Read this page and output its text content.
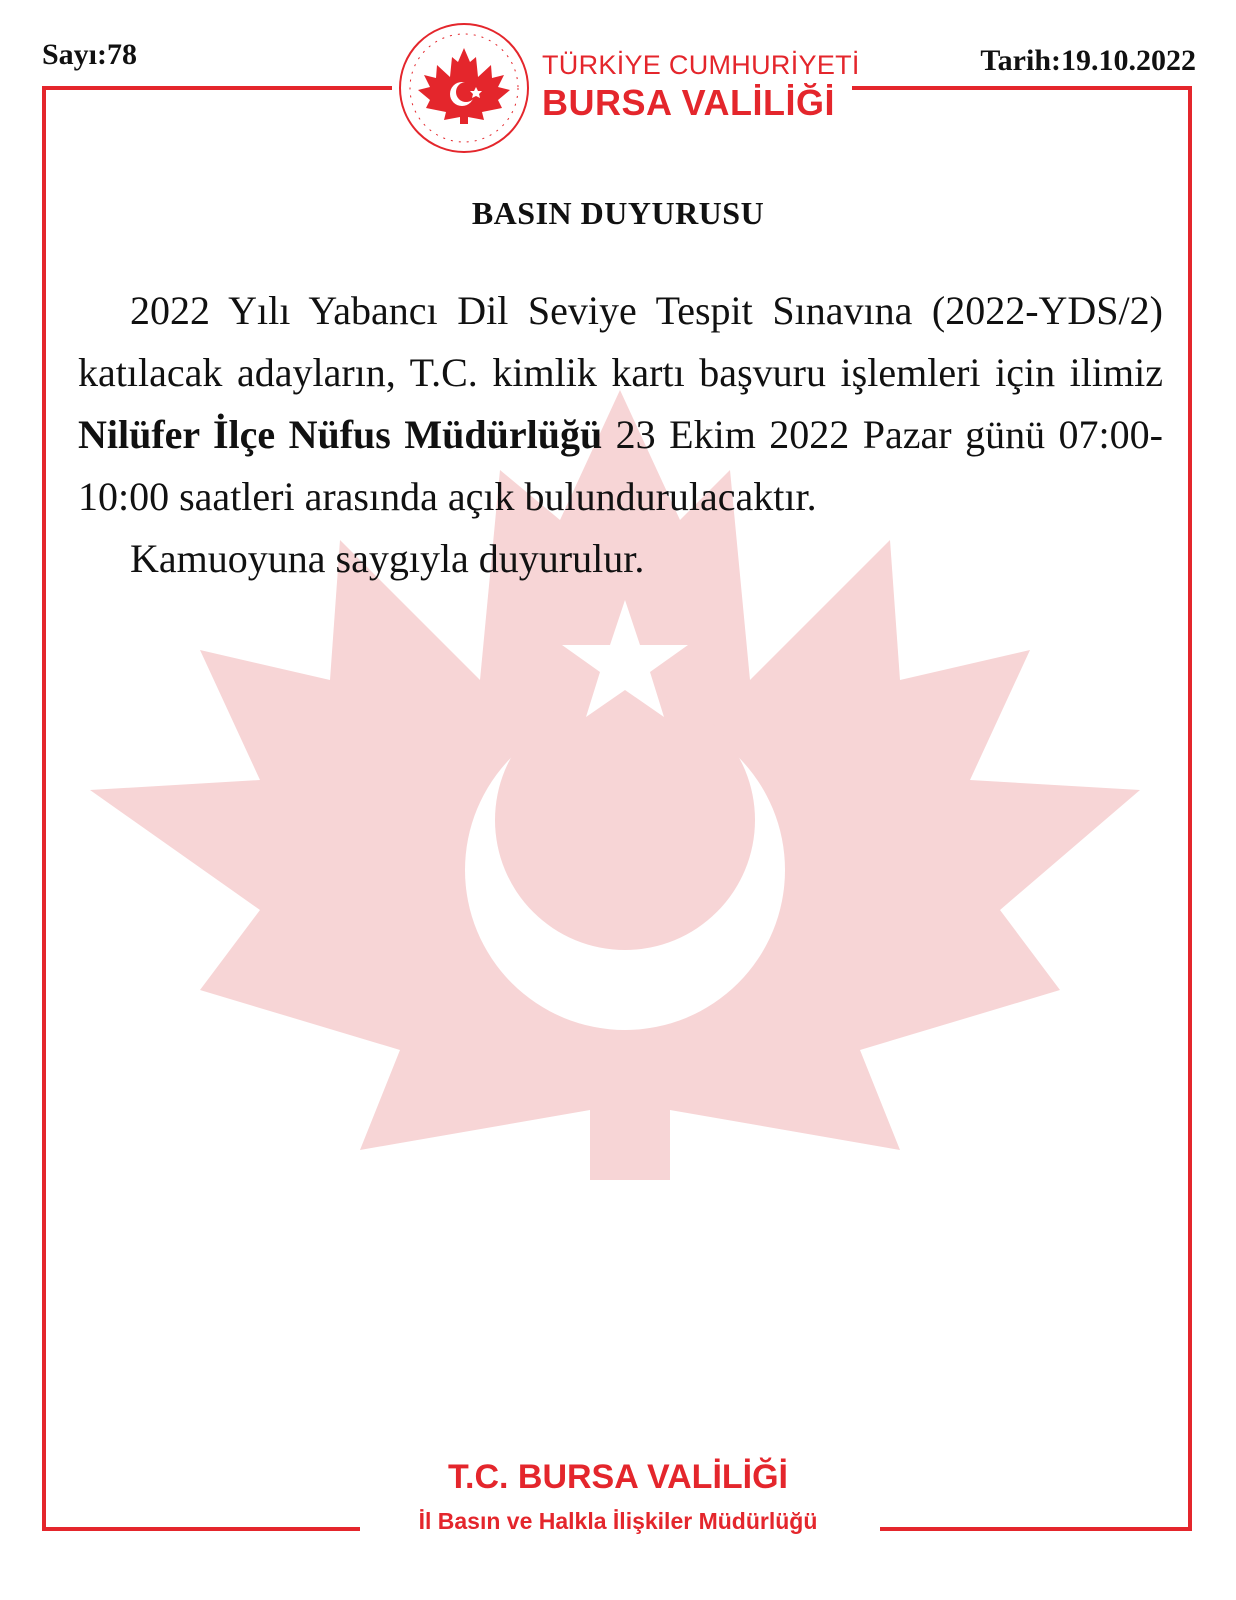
Sayı:78	Tarih:19.10.2022
TÜRKİYE CUMHURİYETİ
BURSA VALİLİĞİ
BASIN DUYURUSU

2022 Yılı Yabancı Dil Seviye Tespit Sınavına (2022-YDS/2) katılacak adayların, T.C. kimlik kartı başvuru işlemleri için ilimiz Nilüfer İlçe Nüfus Müdürlüğü 23 Ekim 2022 Pazar günü 07:00-10:00 saatleri arasında açık bulundurulacaktır.

Kamuoyuna saygıyla duyurulur.

T.C. BURSA VALİLİĞİ
İl Basın ve Halkla İlişkiler Müdürlüğü
